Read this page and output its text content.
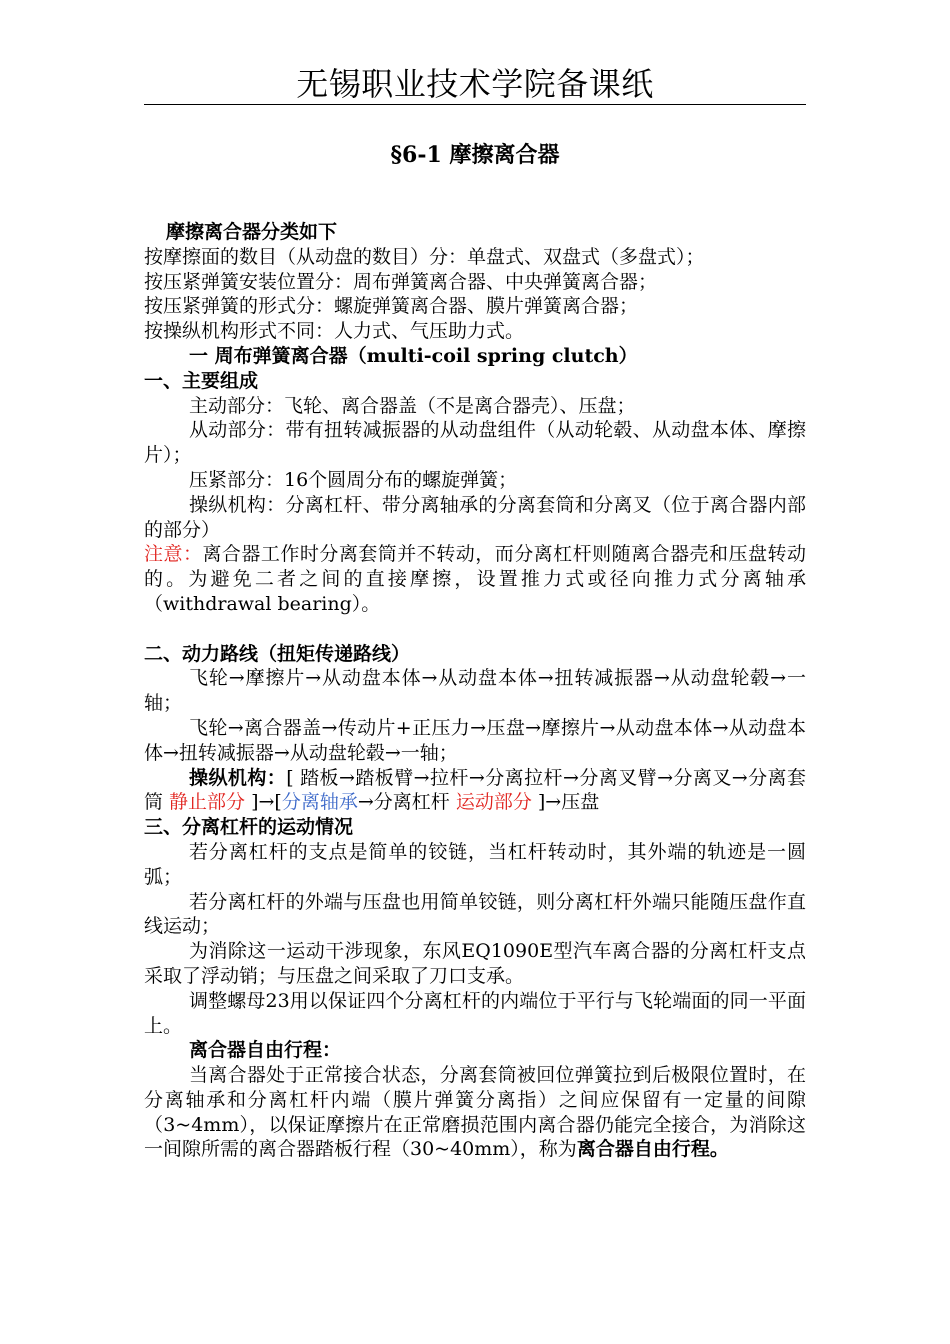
无锡职业技术学院备课纸
§6-1 摩擦离合器

摩擦离合器分类如下

按摩擦面的数目（从动盘的数目）分：单盘式、双盘式（多盘式）；

按压紧弹簧安装位置分：周布弹簧离合器、中央弹簧离合器；

按压紧弹簧的形式分：螺旋弹簧离合器、膜片弹簧离合器；

按操纵机构形式不同：人力式、气压助力式。

一 周布弹簧离合器（multi-coil spring clutch）

一、主要组成

主动部分：飞轮、离合器盖（不是离合器壳）、压盘；

从动部分：带有扭转减振器的从动盘组件（从动轮毂、从动盘本体、摩擦片）；

压紧部分：16个圆周分布的螺旋弹簧；

操纵机构：分离杠杆、带分离轴承的分离套筒和分离叉（位于离合器内部的部分）

注意：离合器工作时分离套筒并不转动，而分离杠杆则随离合器壳和压盘转动的。为避免二者之间的直接摩擦，设置推力式或径向推力式分离轴承（withdrawal bearing）。

二、动力路线（扭矩传递路线）

飞轮→摩擦片→从动盘本体→从动盘本体→扭转减振器→从动盘轮毂→一轴；

飞轮→离合器盖→传动片+正压力→压盘→摩擦片→从动盘本体→从动盘本体→扭转减振器→从动盘轮毂→一轴；

操纵机构：[ 踏板→踏板臂→拉杆→分离拉杆→分离叉臂→分离叉→分离套筒 静止部分 ]→[分离轴承→分离杠杆 运动部分 ]→压盘

三、分离杠杆的运动情况

若分离杠杆的支点是简单的铰链，当杠杆转动时，其外端的轨迹是一圆弧；

若分离杠杆的外端与压盘也用简单铰链，则分离杠杆外端只能随压盘作直线运动；

为消除这一运动干涉现象，东风EQ1090E型汽车离合器的分离杠杆支点采取了浮动销；与压盘之间采取了刀口支承。

调整螺母23用以保证四个分离杠杆的内端位于平行与飞轮端面的同一平面上。

离合器自由行程：

当离合器处于正常接合状态，分离套筒被回位弹簧拉到后极限位置时，在分离轴承和分离杠杆内端（膜片弹簧分离指）之间应保留有一定量的间隙（3~4mm），以保证摩擦片在正常磨损范围内离合器仍能完全接合，为消除这一间隙所需的离合器踏板行程（30~40mm），称为离合器自由行程。
